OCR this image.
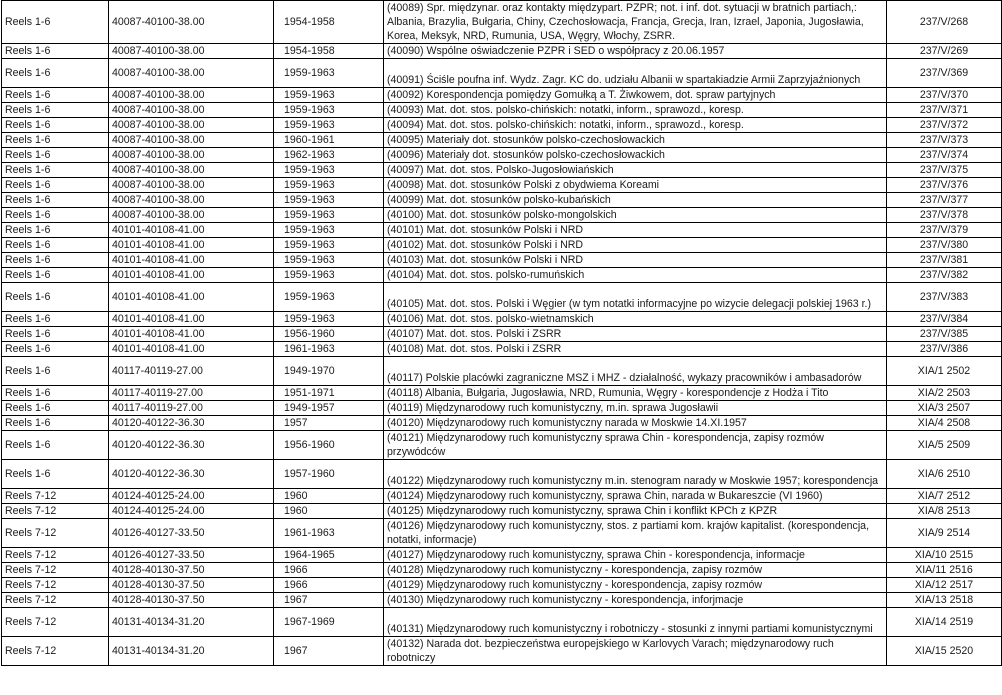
Reels 1-6	40087-40100-38.00	1954-1958	(40089) Spr. międzynar. oraz kontakty międzypart. PZPR; not. i inf. dot. sytuacji w bratnich partiach,: Albania, Brazylia, Bułgaria, Chiny, Czechosłowacja, Francja, Grecja, Iran, Izrael, Japonia, Jugosławia, Korea, Meksyk, NRD, Rumunia, USA, Węgry, Włochy, ZSRR.	237/V/268
Reels 1-6	40087-40100-38.00	1954-1958	(40090) Wspólne oświadczenie PZPR i SED o współpracy z 20.06.1957	237/V/269
Reels 1-6	40087-40100-38.00	1959-1963	(40091) Ściśle poufna inf. Wydz. Zagr. KC do. udziału Albanii w spartakiadzie Armii Zaprzyjaźnionych	237/V/369
Reels 1-6	40087-40100-38.00	1959-1963	(40092) Korespondencja pomiędzy Gomułką a T. Żiwkowem, dot. spraw partyjnych	237/V/370
Reels 1-6	40087-40100-38.00	1959-1963	(40093) Mat. dot. stos. polsko-chińskich: notatki, inform., sprawozd., koresp.	237/V/371
Reels 1-6	40087-40100-38.00	1959-1963	(40094) Mat. dot. stos. polsko-chińskich: notatki, inform., sprawozd., koresp.	237/V/372
Reels 1-6	40087-40100-38.00	1960-1961	(40095) Materiały dot. stosunków polsko-czechosłowackich	237/V/373
Reels 1-6	40087-40100-38.00	1962-1963	(40096) Materiały dot. stosunków polsko-czechosłowackich	237/V/374
Reels 1-6	40087-40100-38.00	1959-1963	(40097) Mat. dot. stos. Polsko-Jugosłowiańskich	237/V/375
Reels 1-6	40087-40100-38.00	1959-1963	(40098) Mat. dot. stosunków Polski z obydwiema Koreami	237/V/376
Reels 1-6	40087-40100-38.00	1959-1963	(40099) Mat. dot. stosunków polsko-kubańskich	237/V/377
Reels 1-6	40087-40100-38.00	1959-1963	(40100) Mat. dot. stosunków polsko-mongolskich	237/V/378
Reels 1-6	40101-40108-41.00	1959-1963	(40101) Mat. dot. stosunków Polski i NRD	237/V/379
Reels 1-6	40101-40108-41.00	1959-1963	(40102) Mat. dot. stosunków Polski i NRD	237/V/380
Reels 1-6	40101-40108-41.00	1959-1963	(40103) Mat. dot. stosunków Polski i NRD	237/V/381
Reels 1-6	40101-40108-41.00	1959-1963	(40104) Mat. dot. stos. polsko-rumuńskich	237/V/382
Reels 1-6	40101-40108-41.00	1959-1963	(40105) Mat. dot. stos. Polski i Węgier (w tym notatki informacyjne po wizycie delegacji polskiej 1963 r.)	237/V/383
Reels 1-6	40101-40108-41.00	1959-1963	(40106) Mat. dot. stos. polsko-wietnamskich	237/V/384
Reels 1-6	40101-40108-41.00	1956-1960	(40107) Mat. dot. stos. Polski i ZSRR	237/V/385
Reels 1-6	40101-40108-41.00	1961-1963	(40108) Mat. dot. stos. Polski i ZSRR	237/V/386
Reels 1-6	40117-40119-27.00	1949-1970	(40117) Polskie placówki zagraniczne MSZ i MHZ - działalność, wykazy pracowników i ambasadorów	XIA/1 2502
Reels 1-6	40117-40119-27.00	1951-1971	(40118) Albania, Bułgaria, Jugosławia, NRD, Rumunia, Węgry - korespondencje z Hodża i Tito	XIA/2 2503
Reels 1-6	40117-40119-27.00	1949-1957	(40119) Międzynarodowy ruch komunistyczny, m.in. sprawa Jugosławii	XIA/3 2507
Reels 1-6	40120-40122-36.30	1957	(40120) Międzynarodowy ruch komunistyczny narada w Moskwie 14.XI.1957	XIA/4 2508
Reels 1-6	40120-40122-36.30	1956-1960	(40121) Międzynarodowy ruch komunistyczny sprawa Chin - korespondencja, zapisy rozmów przywódców	XIA/5 2509
Reels 1-6	40120-40122-36.30	1957-1960	(40122) Międzynarodowy ruch komunistyczny m.in. stenogram narady w Moskwie 1957; korespondencja	XIA/6 2510
Reels 7-12	40124-40125-24.00	1960	(40124) Międzynarodowy ruch komunistyczny, sprawa Chin, narada w Bukareszcie (VI 1960)	XIA/7 2512
Reels 7-12	40124-40125-24.00	1960	(40125) Międzynarodowy ruch komunistyczny, sprawa Chin i konflikt KPCh z KPZR	XIA/8 2513
Reels 7-12	40126-40127-33.50	1961-1963	(40126) Międzynarodowy ruch komunistyczny, stos. z partiami kom. krajów kapitalist. (korespondencja, notatki, informacje)	XIA/9 2514
Reels 7-12	40126-40127-33.50	1964-1965	(40127) Międzynarodowy ruch komunistyczny, sprawa Chin - korespondencja, informacje	XIA/10 2515
Reels 7-12	40128-40130-37.50	1966	(40128) Międzynarodowy ruch komunistyczny - korespondencja, zapisy rozmów	XIA/11 2516
Reels 7-12	40128-40130-37.50	1966	(40129) Międzynarodowy ruch komunistyczny - korespondencja, zapisy rozmów	XIA/12 2517
Reels 7-12	40128-40130-37.50	1967	(40130) Międzynarodowy ruch komunistyczny - korespondencja, inforjmacje	XIA/13 2518
Reels 7-12	40131-40134-31.20	1967-1969	(40131) Międzynarodowy ruch komunistyczny i robotniczy - stosunki z innymi partiami komunistycznymi	XIA/14 2519
Reels 7-12	40131-40134-31.20	1967	(40132) Narada dot. bezpieczeństwa europejskiego w Karlovych Varach; międzynarodowy ruch robotniczy	XIA/15 2520
